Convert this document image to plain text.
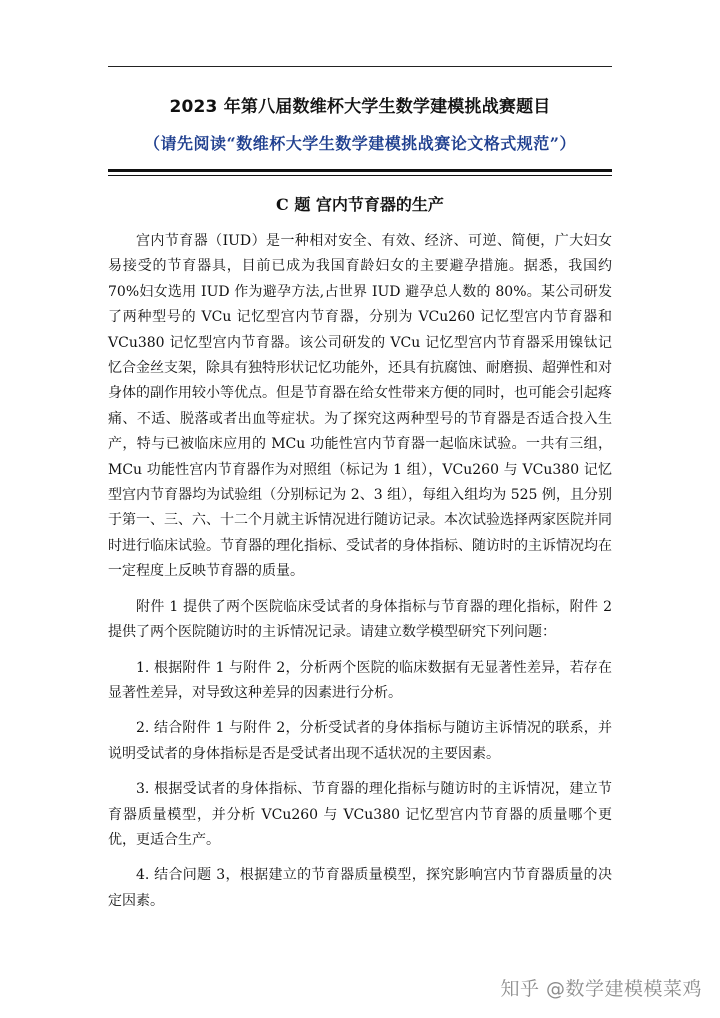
2023 年第八届数维杯大学生数学建模挑战赛题目
（请先阅读“数维杯大学生数学建模挑战赛论文格式规范”）
C 题 宫内节育器的生产

宫内节育器（IUD）是一种相对安全、有效、经济、可逆、简便，广大妇女易接受的节育器具，目前已成为我国育龄妇女的主要避孕措施。据悉，我国约 70%妇女选用 IUD 作为避孕方法,占世界 IUD 避孕总人数的 80%。某公司研发了两种型号的 VCu 记忆型宫内节育器，分别为 VCu260 记忆型宫内节育器和 VCu380 记忆型宫内节育器。该公司研发的 VCu 记忆型宫内节育器采用镍钛记忆合金丝支架，除具有独特形状记忆功能外，还具有抗腐蚀、耐磨损、超弹性和对身体的副作用较小等优点。但是节育器在给女性带来方便的同时，也可能会引起疼痛、不适、脱落或者出血等症状。为了探究这两种型号的节育器是否适合投入生产，特与已被临床应用的 MCu 功能性宫内节育器一起临床试验。一共有三组，MCu 功能性宫内节育器作为对照组（标记为 1 组），VCu260 与 VCu380 记忆型宫内节育器均为试验组（分别标记为 2、3 组），每组入组均为 525 例，且分别于第一、三、六、十二个月就主诉情况进行随访记录。本次试验选择两家医院并同时进行临床试验。节育器的理化指标、受试者的身体指标、随访时的主诉情况均在一定程度上反映节育器的质量。

附件 1 提供了两个医院临床受试者的身体指标与节育器的理化指标，附件 2 提供了两个医院随访时的主诉情况记录。请建立数学模型研究下列问题：

1. 根据附件 1 与附件 2，分析两个医院的临床数据有无显著性差异，若存在显著性差异，对导致这种差异的因素进行分析。

2. 结合附件 1 与附件 2，分析受试者的身体指标与随访主诉情况的联系，并说明受试者的身体指标是否是受试者出现不适状况的主要因素。

3. 根据受试者的身体指标、节育器的理化指标与随访时的主诉情况，建立节育器质量模型，并分析 VCu260 与 VCu380 记忆型宫内节育器的质量哪个更优，更适合生产。

4. 结合问题 3，根据建立的节育器质量模型，探究影响宫内节育器质量的决定因素。

知乎 @数学建模模菜鸡
